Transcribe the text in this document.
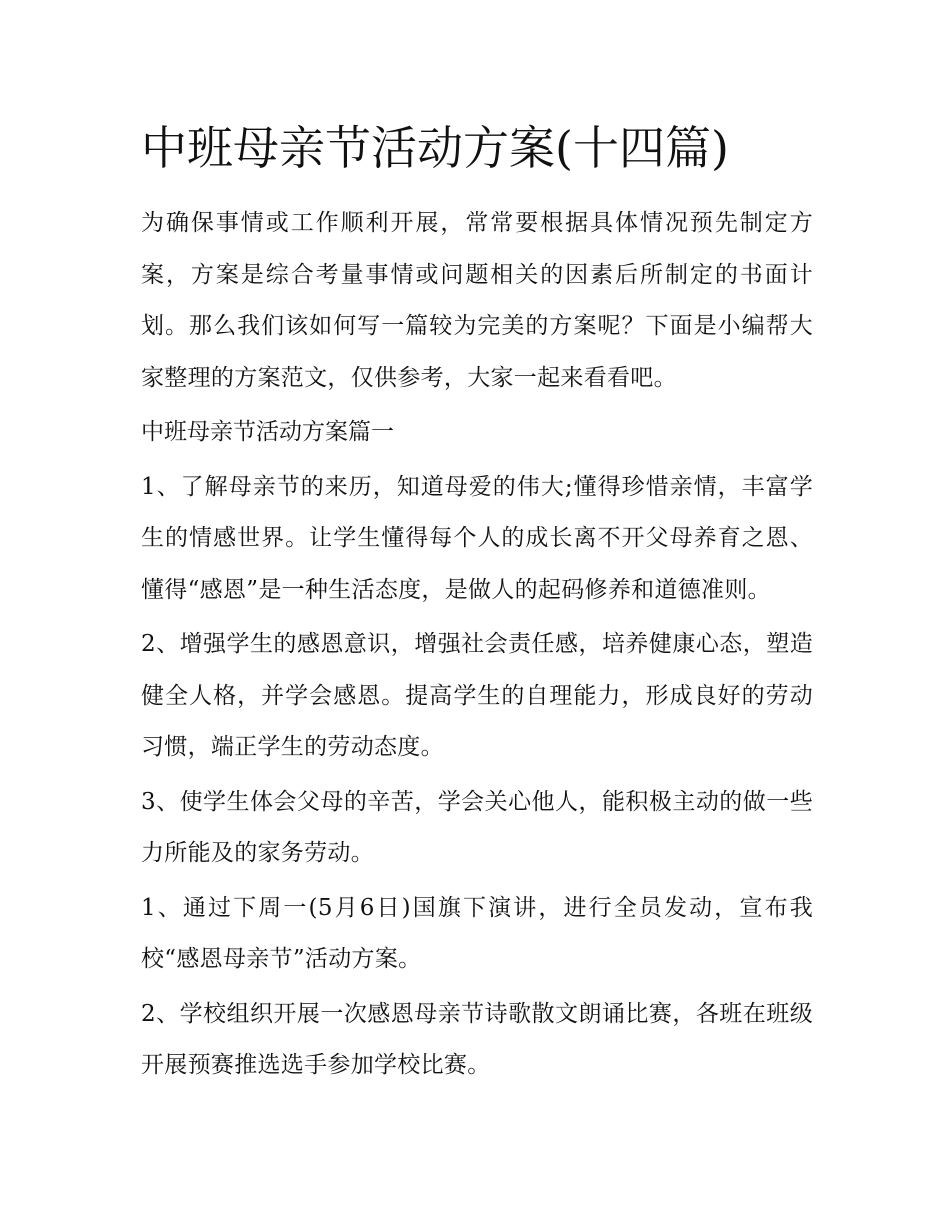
中班母亲节活动方案(十四篇)

为确保事情或工作顺利开展，常常要根据具体情况预先制定方案，方案是综合考量事情或问题相关的因素后所制定的书面计划。那么我们该如何写一篇较为完美的方案呢？下面是小编帮大家整理的方案范文，仅供参考，大家一起来看看吧。

中班母亲节活动方案篇一

1、了解母亲节的来历，知道母爱的伟大;懂得珍惜亲情，丰富学生的情感世界。让学生懂得每个人的成长离不开父母养育之恩、懂得“感恩”是一种生活态度，是做人的起码修养和道德准则。

2、增强学生的感恩意识，增强社会责任感，培养健康心态，塑造健全人格，并学会感恩。提高学生的自理能力，形成良好的劳动习惯，端正学生的劳动态度。

3、使学生体会父母的辛苦，学会关心他人，能积极主动的做一些力所能及的家务劳动。

1、通过下周一(5月6日)国旗下演讲，进行全员发动，宣布我校“感恩母亲节”活动方案。

2、学校组织开展一次感恩母亲节诗歌散文朗诵比赛，各班在班级开展预赛推选选手参加学校比赛。
